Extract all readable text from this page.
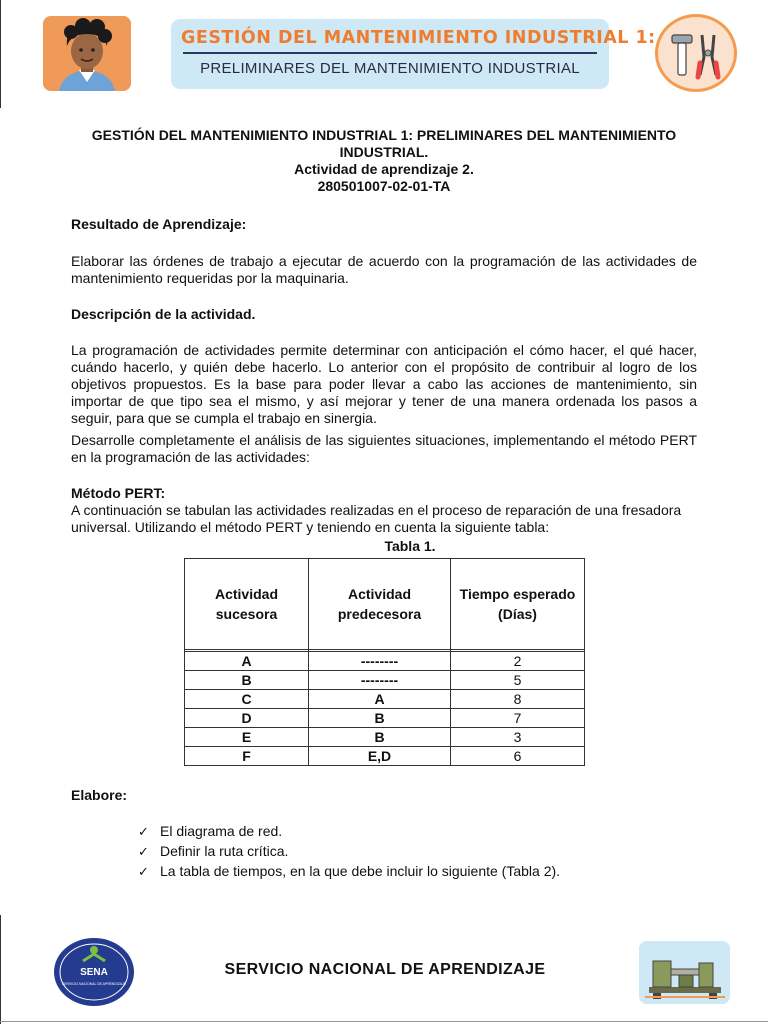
GESTIÓN DEL MANTENIMIENTO INDUSTRIAL 1:
PRELIMINARES DEL MANTENIMIENTO INDUSTRIAL
GESTIÓN DEL MANTENIMIENTO INDUSTRIAL 1: PRELIMINARES DEL MANTENIMIENTO
INDUSTRIAL.
Actividad de aprendizaje 2.
280501007-02-01-TA
Resultado de Aprendizaje:
Elaborar las órdenes de trabajo a ejecutar de acuerdo con la programación de las actividades de mantenimiento requeridas por la maquinaria.
Descripción de la actividad.
La programación de actividades permite determinar con anticipación el cómo hacer, el qué hacer, cuándo hacerlo, y quién debe hacerlo. Lo anterior con el propósito de contribuir al logro de los objetivos propuestos. Es la base para poder llevar a cabo las acciones de mantenimiento, sin importar de que tipo sea el mismo, y así mejorar y tener de una manera ordenada los pasos a seguir, para que se cumpla el trabajo en sinergia.
Desarrolle completamente el análisis de las siguientes situaciones, implementando el método PERT en la programación de las actividades:
Método PERT:
A continuación se tabulan las actividades realizadas en el proceso de reparación de una fresadora universal. Utilizando el método PERT y teniendo en cuenta la siguiente tabla:
Tabla 1.
Actividad sucesora	Actividad predecesora	Tiempo esperado (Días)

A	--------	2
B	--------	5
C	A	8
D	B	7
E	B	3
F	E,D	6
Elabore:
✓ El diagrama de red.
✓ Definir la ruta crítica.
✓ La tabla de tiempos, en la que debe incluir lo siguiente (Tabla 2).
SENA
SERVICIO NACIONAL DE APRENDIZAJE
SERVICIO NACIONAL DE APRENDIZAJE
